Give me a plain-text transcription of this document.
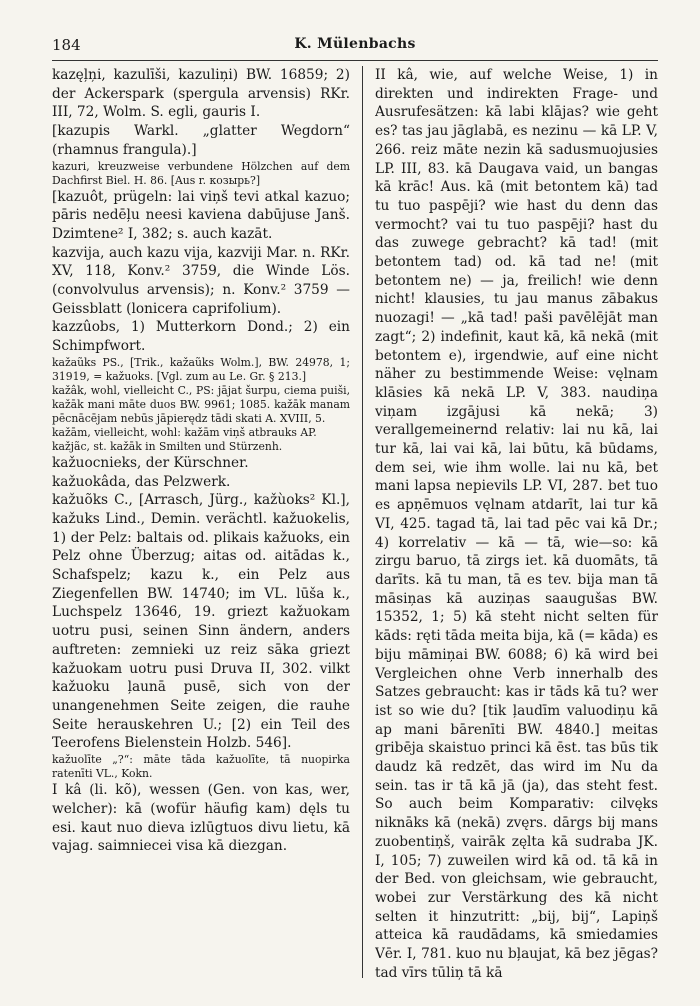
184	K. Mülenbachs
kazęļņi, kazulīši, kazuliņi) BW. 16859; 2) der Ackerspark (spergula arvensis) RKr. III, 72, Wolm. S. egli, gauris I.
[kazupis Warkl. „glatter Wegdorn“ (rhamnus frangula).]
kazuri, kreuzweise verbundene Hölzchen auf dem Dachfirst Biel. H. 86. [Aus r. козырь?]
[kazuôt, prügeln: lai viņš tevi atkal kazuo; pāris nedēļu neesi kaviena dabūjuse Janš. Dzimtene² I, 382; s. auch kazāt.
kazvija, auch kazu vija, kazviji Mar. n. RKr. XV, 118, Konv.² 3759, die Winde Lös. (convolvulus arvensis); n. Konv.² 3759 — Geissblatt (lonicera caprifolium).
kazzûobs, 1) Mutterkorn Dond.; 2) ein Schimpfwort.
kažaũks PS., [Trik., kažaũks Wolm.], BW. 24978, 1; 31919, = kažuoks. [Vgl. zum au Le. Gr. § 213.]
kažâk, wohl, vielleicht C., PS: jājat šurpu, ciema puiši, kažāk mani māte duos BW. 9961; 1085. kažāk manam pēcnācējam nebūs jāpierędz tādi skati A. XVIII, 5.
kažām, vielleicht, wohl: kažām viņš atbrauks AP.
kažjãc, st. kažāk in Smilten und Stürzenh.
kažuocnieks, der Kürschner.
kažuokâda, das Pelzwerk.
kažuõks C., [Arrasch, Jürg., kažùoks² Kl.], kažuks Lind., Demin. verächtl. kažuokelis, 1) der Pelz: baltais od. plikais kažuoks, ein Pelz ohne Überzug; aitas od. aitādas k., Schafspelz; kazu k., ein Pelz aus Ziegenfellen BW. 14740; im VL. lūša k., Luchspelz 13646, 19. griezt kažuokam uotru pusi, seinen Sinn ändern, anders auftreten: zemnieki uz reiz sāka griezt kažuokam uotru pusi Druva II, 302. vilkt kažuoku ļaunā pusē, sich von der unangenehmen Seite zeigen, die rauhe Seite herauskehren U.; [2) ein Teil des Teerofens Bielenstein Holzb. 546].
kažuolīte „?“: māte tāda kažuolīte, tā nuopirka ratenīti VL., Kokn.
I kâ (li. kõ), wessen (Gen. von kas, wer, welcher): kā (wofür häufig kam) dęls tu esi. kaut nuo dieva izlūgtuos divu lietu, kā vajag. saimniecei visa kā diezgan.
II kâ, wie, auf welche Weise, 1) in direkten und indirekten Frage- und Ausrufesätzen: kā labi klājas? wie geht es? tas jau jāglabā, es nezinu — kā LP. V, 266. reiz māte nezin kā sadusmuojusies LP. III, 83. kā Daugava vaid, un bangas kā krāc! Aus. kā (mit betontem kā) tad tu tuo paspēji? wie hast du denn das vermocht? vai tu tuo paspēji? hast du das zuwege gebracht? kā tad! (mit betontem tad) od. kā tad ne! (mit betontem ne) — ja, freilich! wie denn nicht! klausies, tu jau manus zābakus nuozagi! — „kā tad! paši pavēlējāt man zagt“; 2) indefinit, kaut kā, kā nekā (mit betontem e), irgendwie, auf eine nicht näher zu bestimmende Weise: vęlnam klāsies kā nekā LP. V, 383. naudiņa viņam izgājusi kā nekā; 3) verallgemeinernd relativ: lai nu kā, lai tur kā, lai vai kā, lai būtu, kā būdams, dem sei, wie ihm wolle. lai nu kā, bet mani lapsa nepievils LP. VI, 287. bet tuo es apņēmuos vęlnam atdarīt, lai tur kā VI, 425. tagad tā, lai tad pēc vai kā Dr.; 4) korrelativ — kā — tā, wie—so: kā zirgu baruo, tā zirgs iet. kā duomāts, tā darīts. kā tu man, tā es tev. bija man tā māsiņas kā auziņas saaugušas BW. 15352, 1; 5) kā steht nicht selten für kāds: ręti tāda meita bija, kā (= kāda) es biju māmiņai BW. 6088; 6) kā wird bei Vergleichen ohne Verb innerhalb des Satzes gebraucht: kas ir tāds kā tu? wer ist so wie du? [tik ļaudīm valuodiņu kā ap mani bārenīti BW. 4840.] meitas gribēja skaistuo princi kā ēst. tas būs tik daudz kā redzēt, das wird im Nu da sein. tas ir tā kā jā (ja), das steht fest. So auch beim Komparativ: cilvęks niknāks kā (nekā) zvęrs. dārgs bij mans zuobentiņš, vairāk zęlta kā sudraba JK. I, 105; 7) zuweilen wird kā od. tā kā in der Bed. von gleichsam, wie gebraucht, wobei zur Verstärkung des kā nicht selten it hinzutritt: „bij, bij“, Lapiņš atteica kā raudādams, kā smiedamies Vēr. I, 781. kuo nu bļaujat, kā bez jēgas? tad vīrs tūliņ tā kā
